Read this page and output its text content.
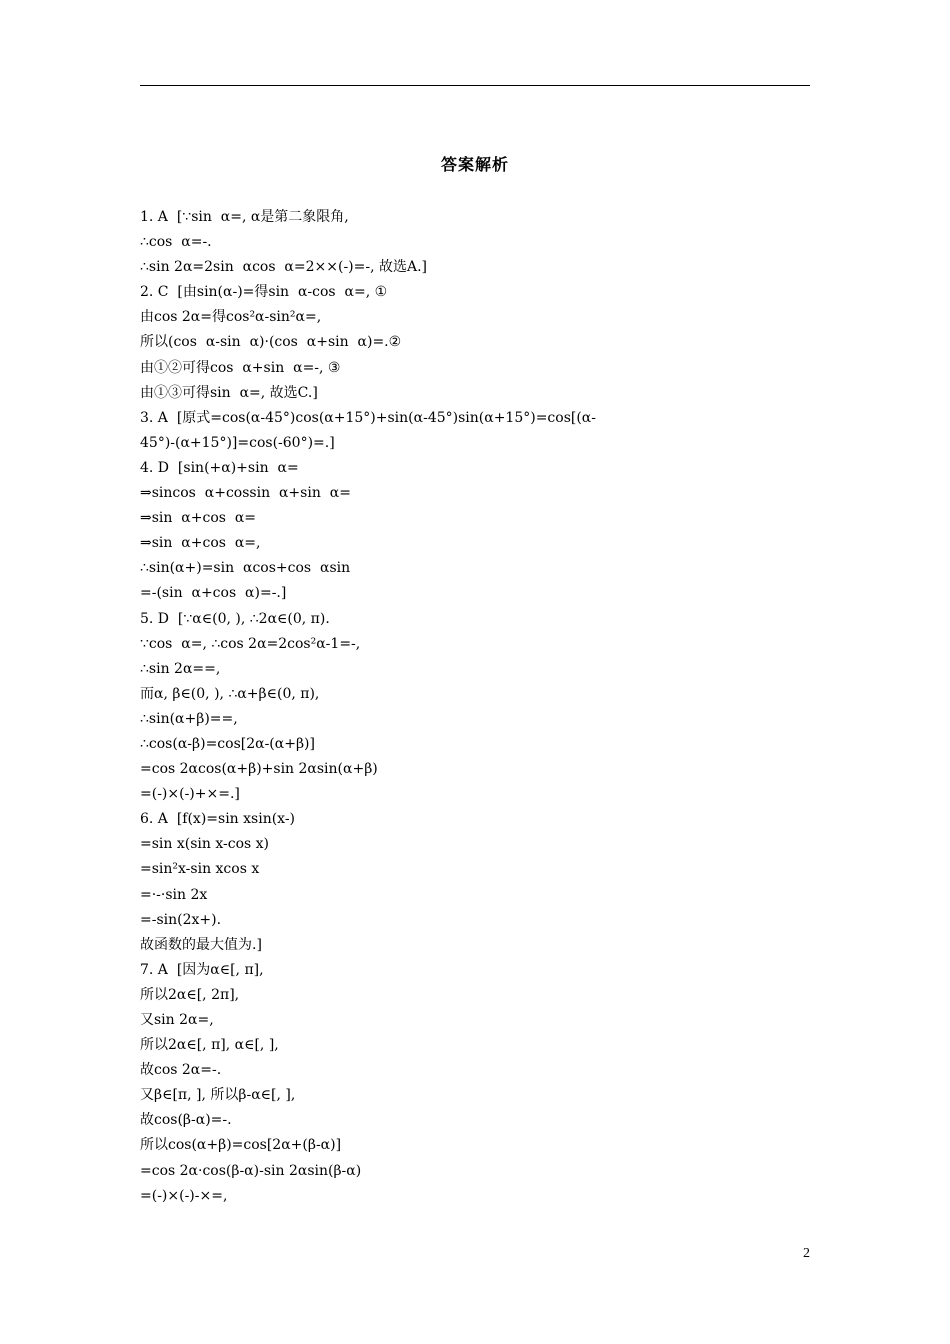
答案解析
1. A  [∵sin  α=, α是第二象限角,
∴cos  α=-.
∴sin 2α=2sin  αcos  α=2××(-)=-, 故选A.]
2. C  [由sin(α-)=得sin  α-cos  α=, ①
由cos 2α=得cos²α-sin²α=,
所以(cos  α-sin  α)·(cos  α+sin  α)=.②
由①②可得cos  α+sin  α=-, ③
由①③可得sin  α=, 故选C.]
3. A  [原式=cos(α-45°)cos(α+15°)+sin(α-45°)sin(α+15°)=cos[(α-
45°)-(α+15°)]=cos(-60°)=.]
4. D  [sin(+α)+sin  α=
⇒sincos  α+cossin  α+sin  α=
⇒sin  α+cos  α=
⇒sin  α+cos  α=,
∴sin(α+)=sin  αcos+cos  αsin
=-(sin  α+cos  α)=-.]
5. D  [∵α∈(0, ), ∴2α∈(0, π).
∵cos  α=, ∴cos 2α=2cos²α-1=-,
∴sin 2α==,
而α, β∈(0, ), ∴α+β∈(0, π),
∴sin(α+β)==,
∴cos(α-β)=cos[2α-(α+β)]
=cos 2αcos(α+β)+sin 2αsin(α+β)
=(-)×(-)+×=.]
6. A  [f(x)=sin xsin(x-)
=sin x(sin x-cos x)
=sin²x-sin xcos x
=·-·sin 2x
=-sin(2x+).
故函数的最大值为.]
7. A  [因为α∈[, π],
所以2α∈[, 2π],
又sin 2α=,
所以2α∈[, π], α∈[, ],
故cos 2α=-.
又β∈[π, ], 所以β-α∈[, ],
故cos(β-α)=-.
所以cos(α+β)=cos[2α+(β-α)]
=cos 2α·cos(β-α)-sin 2αsin(β-α)
=(-)×(-)-×=,
2
